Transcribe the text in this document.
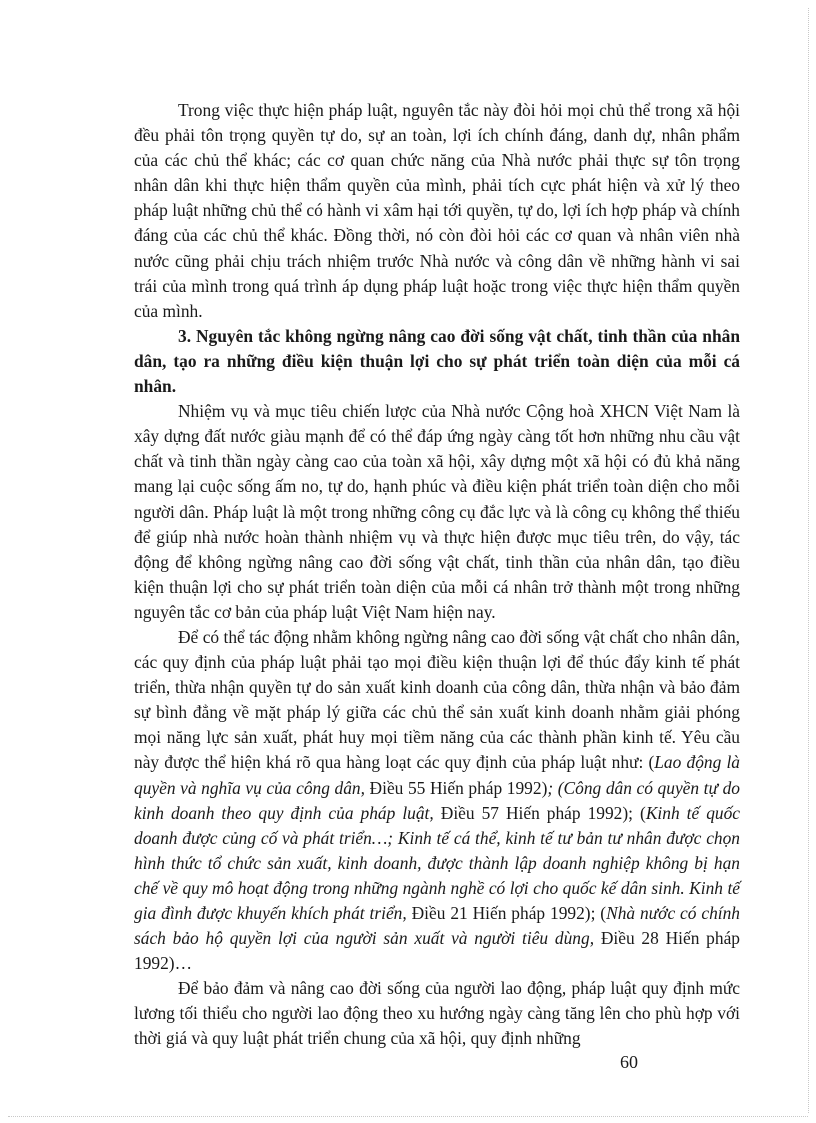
Trong việc thực hiện pháp luật, nguyên tắc này đòi hỏi mọi chủ thể trong xã hội đều phải tôn trọng quyền tự do, sự an toàn, lợi ích chính đáng, danh dự, nhân phẩm của các chủ thể khác; các cơ quan chức năng của Nhà nước phải thực sự tôn trọng nhân dân khi thực hiện thẩm quyền của mình, phải tích cực phát hiện và xử lý theo pháp luật những chủ thể có hành vi xâm hại tới quyền, tự do, lợi ích hợp pháp và chính đáng của các chủ thể khác. Đồng thời, nó còn đòi hỏi các cơ quan và nhân viên nhà nước cũng phải chịu trách nhiệm trước Nhà nước và công dân về những hành vi sai trái của mình trong quá trình áp dụng pháp luật hoặc trong việc thực hiện thẩm quyền của mình.

3. Nguyên tắc không ngừng nâng cao đời sống vật chất, tinh thần của nhân dân, tạo ra những điều kiện thuận lợi cho sự phát triển toàn diện của mỗi cá nhân.

Nhiệm vụ và mục tiêu chiến lược của Nhà nước Cộng hoà XHCN Việt Nam là xây dựng đất nước giàu mạnh để có thể đáp ứng ngày càng tốt hơn những nhu cầu vật chất và tinh thần ngày càng cao của toàn xã hội, xây dựng một xã hội có đủ khả năng mang lại cuộc sống ấm no, tự do, hạnh phúc và điều kiện phát triển toàn diện cho mỗi người dân. Pháp luật là một trong những công cụ đắc lực và là công cụ không thể thiếu để giúp nhà nước hoàn thành nhiệm vụ và thực hiện được mục tiêu trên, do vậy, tác động để không ngừng nâng cao đời sống vật chất, tinh thần của nhân dân, tạo điều kiện thuận lợi cho sự phát triển toàn diện của mỗi cá nhân trở thành một trong những nguyên tắc cơ bản của pháp luật Việt Nam hiện nay.

Để có thể tác động nhằm không ngừng nâng cao đời sống vật chất cho nhân dân, các quy định của pháp luật phải tạo mọi điều kiện thuận lợi để thúc đẩy kinh tế phát triển, thừa nhận quyền tự do sản xuất kinh doanh của công dân, thừa nhận và bảo đảm sự bình đẳng về mặt pháp lý giữa các chủ thể sản xuất kinh doanh nhằm giải phóng mọi năng lực sản xuất, phát huy mọi tiềm năng của các thành phần kinh tế. Yêu cầu này được thể hiện khá rõ qua hàng loạt các quy định của pháp luật như: (Lao động là quyền và nghĩa vụ của công dân, Điều 55 Hiến pháp 1992); (Công dân có quyền tự do kinh doanh theo quy định của pháp luật, Điều 57 Hiến pháp 1992); (Kinh tế quốc doanh được củng cố và phát triển…; Kinh tế cá thể, kinh tế tư bản tư nhân được chọn hình thức tổ chức sản xuất, kinh doanh, được thành lập doanh nghiệp không bị hạn chế về quy mô hoạt động trong những ngành nghề có lợi cho quốc kế dân sinh. Kinh tế gia đình được khuyến khích phát triển, Điều 21 Hiến pháp 1992); (Nhà nước có chính sách bảo hộ quyền lợi của người sản xuất và người tiêu dùng, Điều 28 Hiến pháp 1992)…

Để bảo đảm và nâng cao đời sống của người lao động, pháp luật quy định mức lương tối thiểu cho người lao động theo xu hướng ngày càng tăng lên cho phù hợp với thời giá và quy luật phát triển chung của xã hội, quy định những

60
